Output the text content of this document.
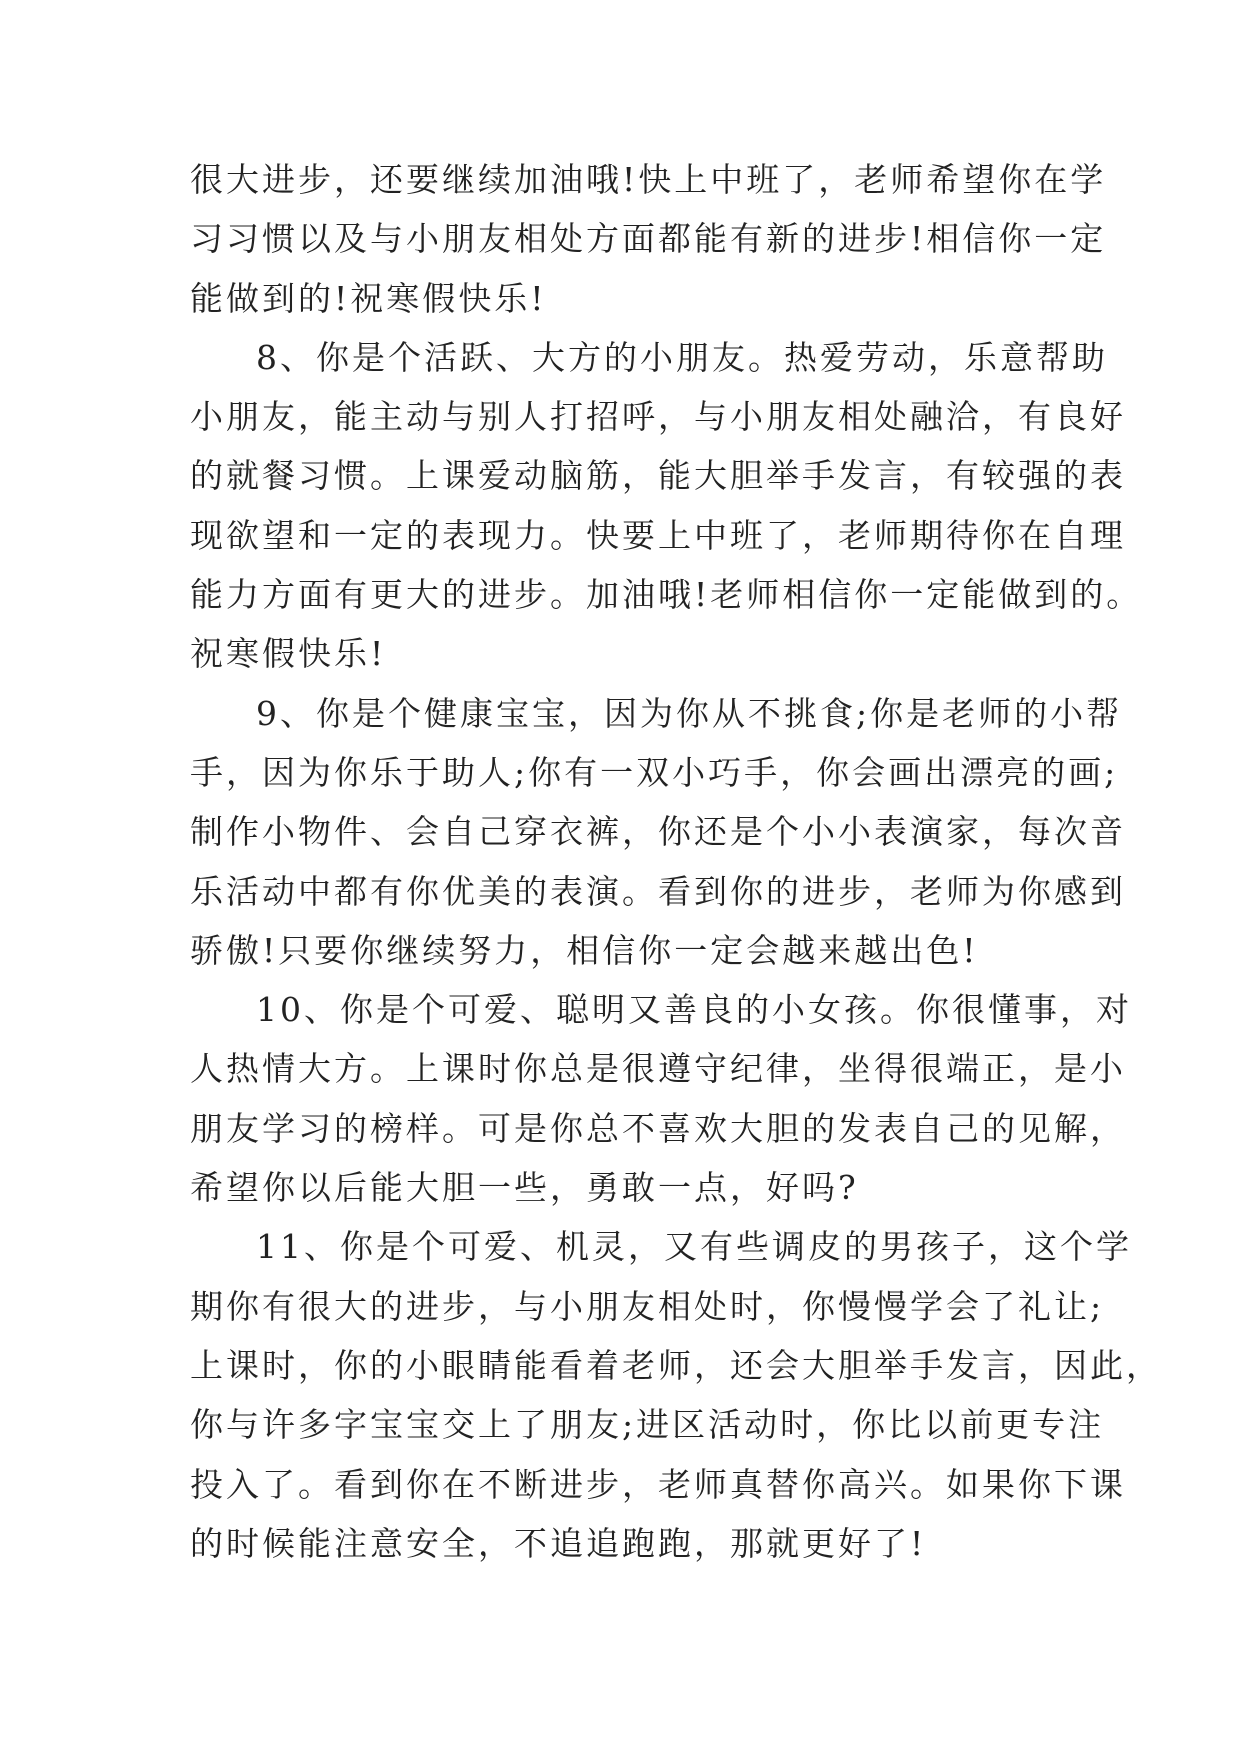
很大进步，还要继续加油哦!快上中班了，老师希望你在学
习习惯以及与小朋友相处方面都能有新的进步!相信你一定
能做到的!祝寒假快乐!
8、你是个活跃、大方的小朋友。热爱劳动，乐意帮助
小朋友，能主动与别人打招呼，与小朋友相处融洽，有良好
的就餐习惯。上课爱动脑筋，能大胆举手发言，有较强的表
现欲望和一定的表现力。快要上中班了，老师期待你在自理
能力方面有更大的进步。加油哦!老师相信你一定能做到的。
祝寒假快乐!
9、你是个健康宝宝，因为你从不挑食;你是老师的小帮
手，因为你乐于助人;你有一双小巧手，你会画出漂亮的画;
制作小物件、会自己穿衣裤，你还是个小小表演家，每次音
乐活动中都有你优美的表演。看到你的进步，老师为你感到
骄傲!只要你继续努力，相信你一定会越来越出色!
10、你是个可爱、聪明又善良的小女孩。你很懂事，对
人热情大方。上课时你总是很遵守纪律，坐得很端正，是小
朋友学习的榜样。可是你总不喜欢大胆的发表自己的见解，
希望你以后能大胆一些，勇敢一点，好吗?
11、你是个可爱、机灵，又有些调皮的男孩子，这个学
期你有很大的进步，与小朋友相处时，你慢慢学会了礼让;
上课时，你的小眼睛能看着老师，还会大胆举手发言，因此，
你与许多字宝宝交上了朋友;进区活动时，你比以前更专注
投入了。看到你在不断进步，老师真替你高兴。如果你下课
的时候能注意安全，不追追跑跑，那就更好了!
